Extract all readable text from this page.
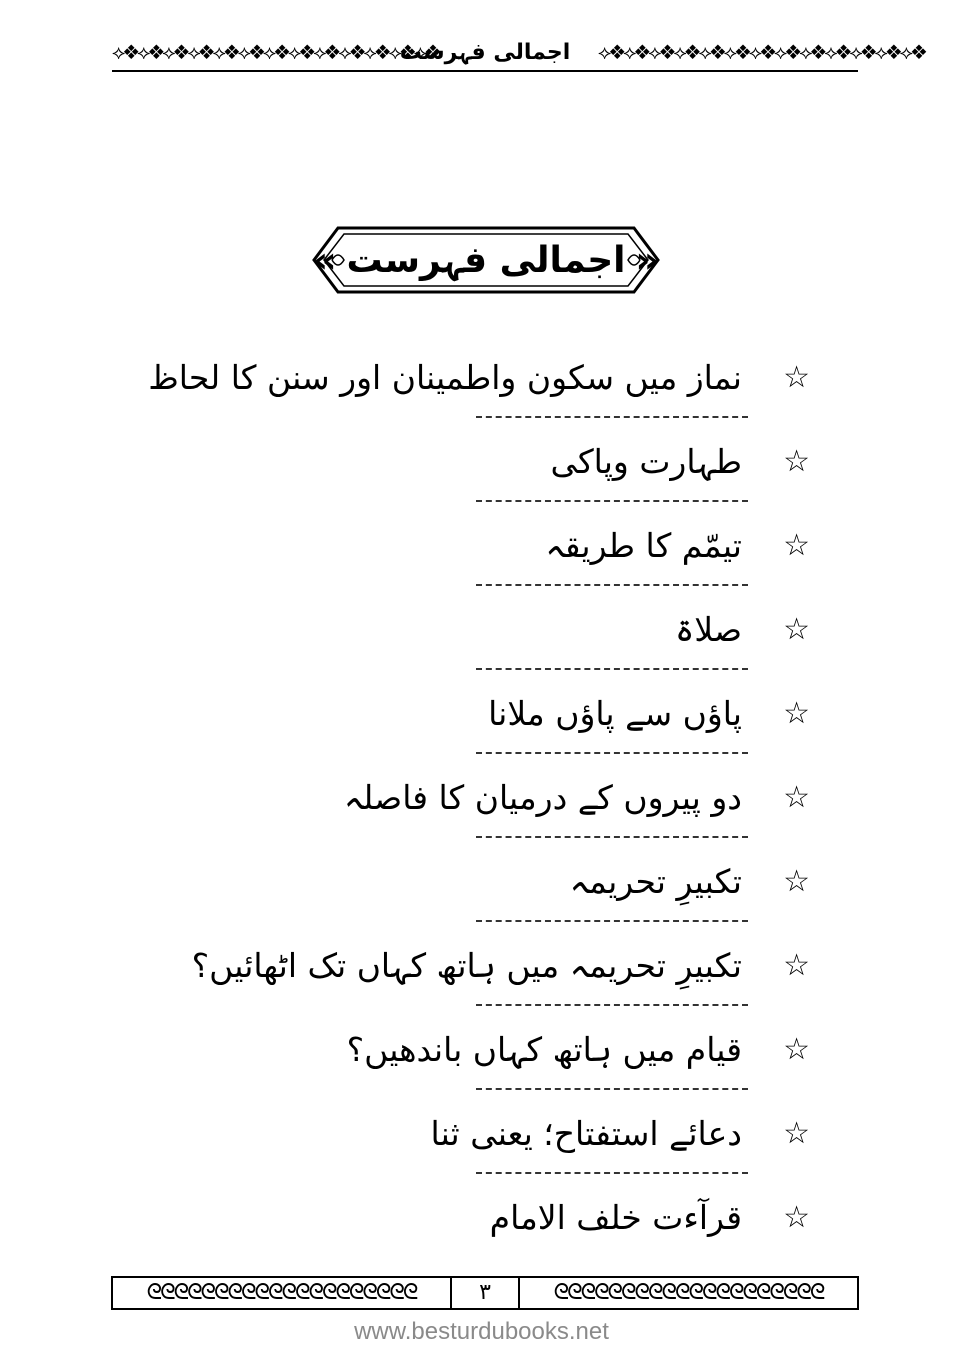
⟡❖⟡❖⟡❖⟡❖⟡❖⟡❖⟡❖⟡❖⟡❖⟡❖⟡❖⟡❖⟡❖
اجمالی فہرست	⟡❖⟡❖⟡❖⟡❖⟡❖⟡❖⟡❖⟡❖⟡❖⟡❖⟡❖⟡❖⟡❖
» اجمالی فہرست «
☆
نماز میں سکون واطمینان اور سنن کا لحاظ
☆
طہارت وپاکی
☆
تیمّم کا طریقہ
☆
صلاۃ
☆
پاؤں سے پاؤں ملانا
☆
دو پیروں کے درمیان کا فاصلہ
☆
تکبیرِ تحریمہ
☆
تکبیرِ تحریمہ میں ہاتھ کہاں تک اٹھائیں؟
☆
قیام میں ہاتھ کہاں باندھیں؟
☆
دعائے استفتاح؛ یعنی ثنا
☆
قرآءت خلف الامام
ᘓᘓᘓᘓᘓᘓᘓᘓᘓᘓᘓᘓᘓᘓᘓᘓᘓᘓᘓᘓ	۳	ᘓᘓᘓᘓᘓᘓᘓᘓᘓᘓᘓᘓᘓᘓᘓᘓᘓᘓᘓᘓ
www.besturdubooks.net
